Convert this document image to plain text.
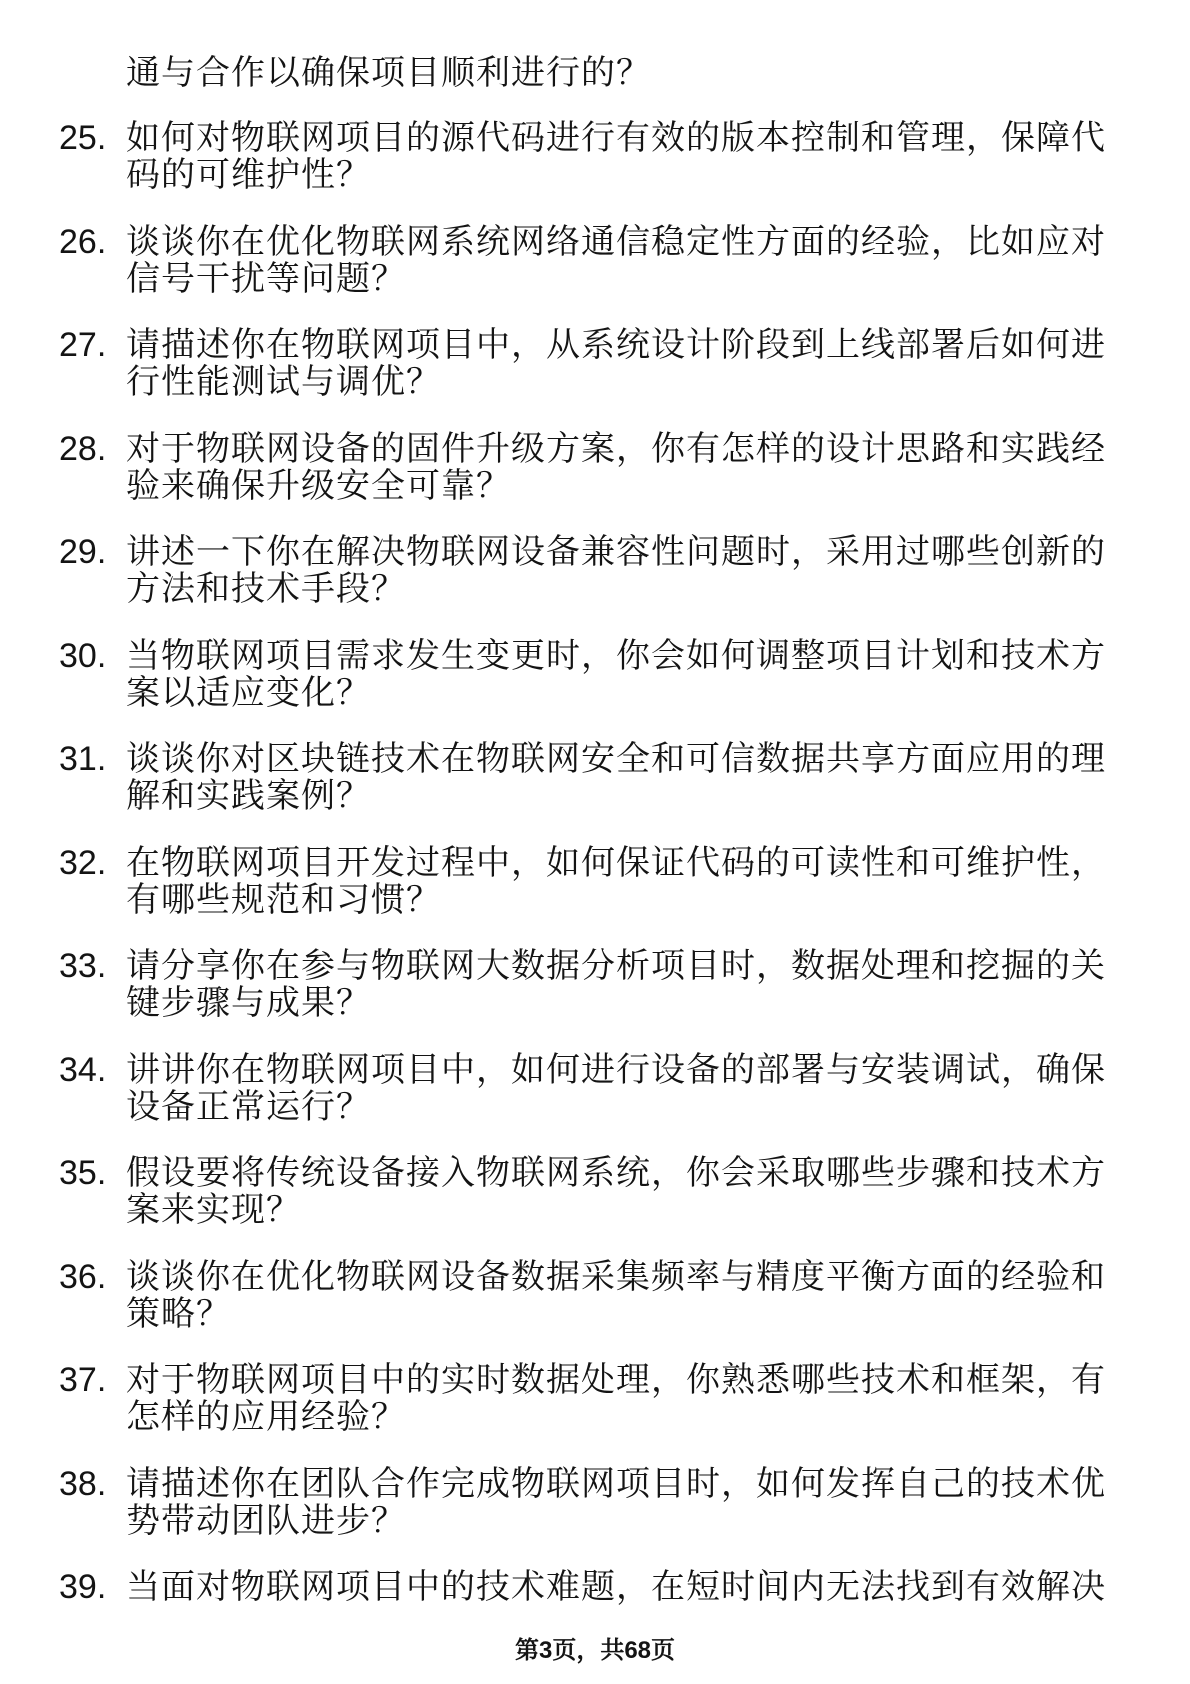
通与合作以确保项目顺利进行的？
25. 如何对物联网项目的源代码进行有效的版本控制和管理，保障代
码的可维护性？
26. 谈谈你在优化物联网系统网络通信稳定性方面的经验，比如应对
信号干扰等问题？
27. 请描述你在物联网项目中，从系统设计阶段到上线部署后如何进
行性能测试与调优？
28. 对于物联网设备的固件升级方案，你有怎样的设计思路和实践经
验来确保升级安全可靠？
29. 讲述一下你在解决物联网设备兼容性问题时，采用过哪些创新的
方法和技术手段？
30. 当物联网项目需求发生变更时，你会如何调整项目计划和技术方
案以适应变化？
31. 谈谈你对区块链技术在物联网安全和可信数据共享方面应用的理
解和实践案例？
32. 在物联网项目开发过程中，如何保证代码的可读性和可维护性，
有哪些规范和习惯？
33. 请分享你在参与物联网大数据分析项目时，数据处理和挖掘的关
键步骤与成果？
34. 讲讲你在物联网项目中，如何进行设备的部署与安装调试，确保
设备正常运行？
35. 假设要将传统设备接入物联网系统，你会采取哪些步骤和技术方
案来实现？
36. 谈谈你在优化物联网设备数据采集频率与精度平衡方面的经验和
策略？
37. 对于物联网项目中的实时数据处理，你熟悉哪些技术和框架，有
怎样的应用经验？
38. 请描述你在团队合作完成物联网项目时，如何发挥自己的技术优
势带动团队进步？
39. 当面对物联网项目中的技术难题，在短时间内无法找到有效解决
第3页，共68页
